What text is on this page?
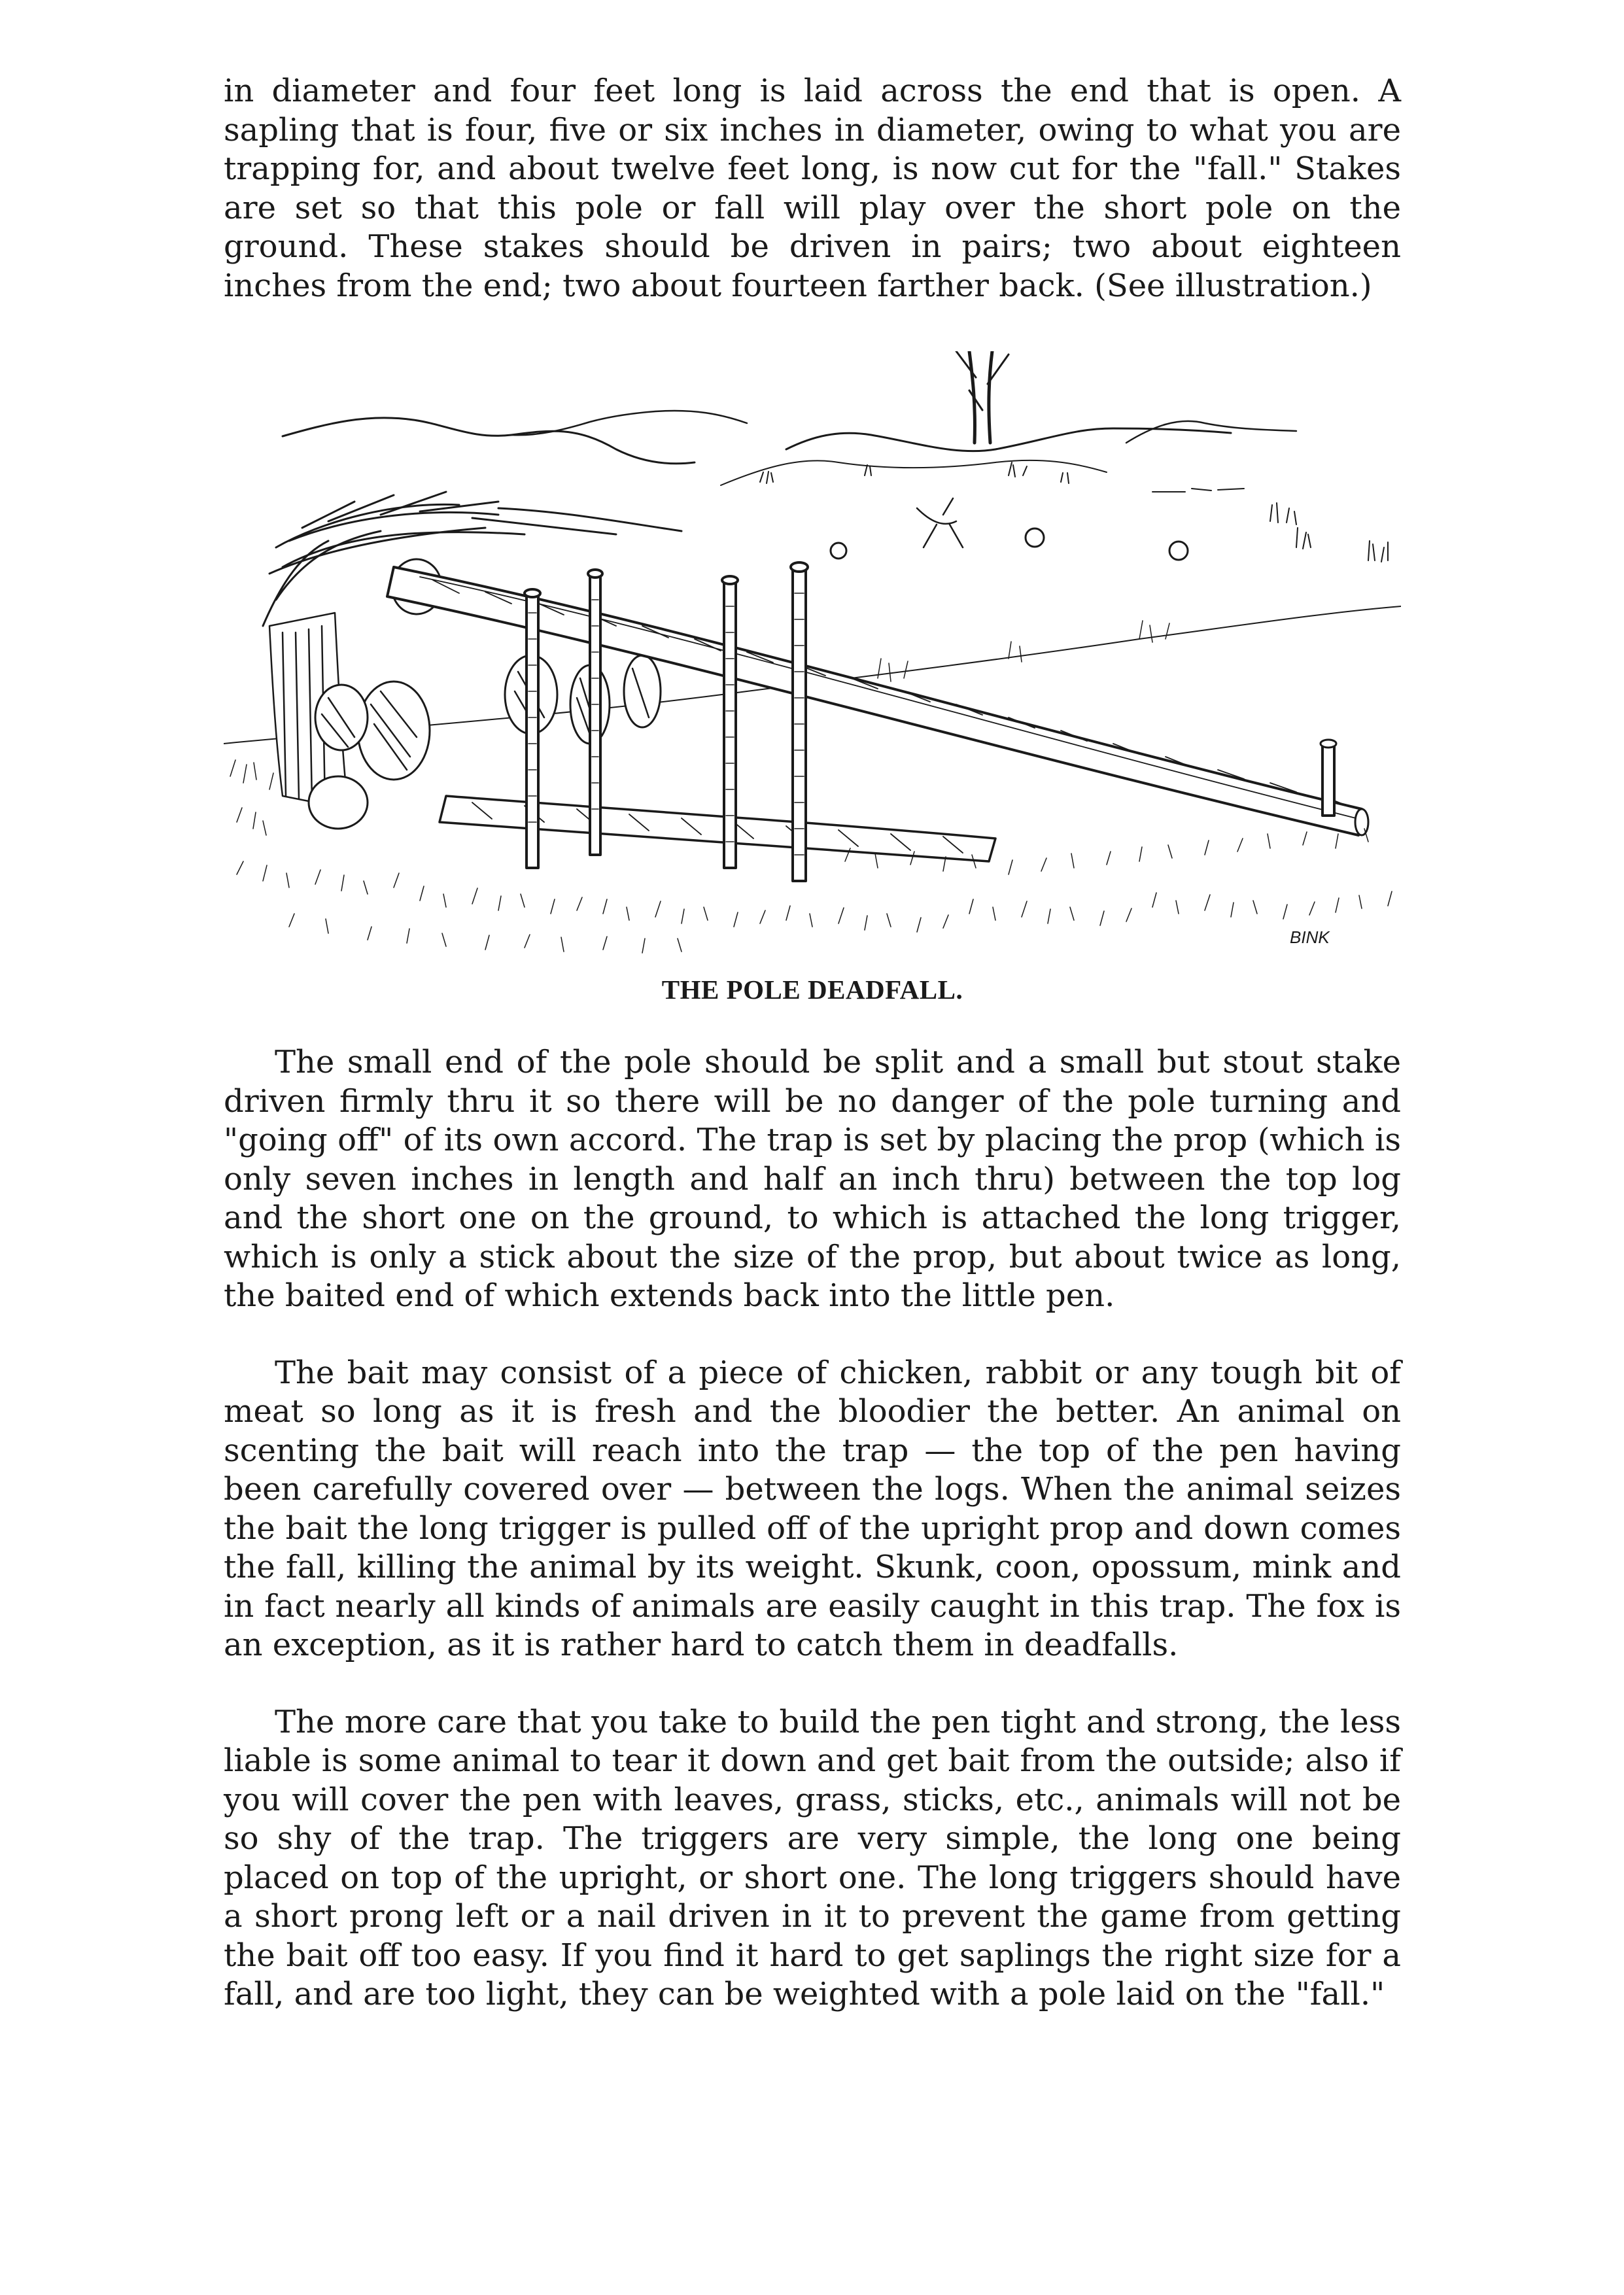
in diameter and four feet long is laid across the end that is open. A sapling that is four, five or six inches in diameter, owing to what you are trapping for, and about twelve feet long, is now cut for the "fall." Stakes are set so that this pole or fall will play over the short pole on the ground. These stakes should be driven in pairs; two about eighteen inches from the end; two about fourteen farther back. (See illustration.)

BINK

THE POLE DEADFALL.

The small end of the pole should be split and a small but stout stake driven firmly thru it so there will be no danger of the pole turning and "going off" of its own accord. The trap is set by placing the prop (which is only seven inches in length and half an inch thru) between the top log and the short one on the ground, to which is attached the long trigger, which is only a stick about the size of the prop, but about twice as long, the baited end of which extends back into the little pen.

The bait may consist of a piece of chicken, rabbit or any tough bit of meat so long as it is fresh and the bloodier the better. An animal on scenting the bait will reach into the trap — the top of the pen having been carefully covered over — between the logs. When the animal seizes the bait the long trigger is pulled off of the upright prop and down comes the fall, killing the animal by its weight. Skunk, coon, opossum, mink and in fact nearly all kinds of animals are easily caught in this trap. The fox is an exception, as it is rather hard to catch them in deadfalls.

The more care that you take to build the pen tight and strong, the less liable is some animal to tear it down and get bait from the outside; also if you will cover the pen with leaves, grass, sticks, etc., animals will not be so shy of the trap. The triggers are very simple, the long one being placed on top of the upright, or short one. The long triggers should have a short prong left or a nail driven in it to prevent the game from getting the bait off too easy. If you find it hard to get saplings the right size for a fall, and are too light, they can be weighted with a pole laid on the "fall."
